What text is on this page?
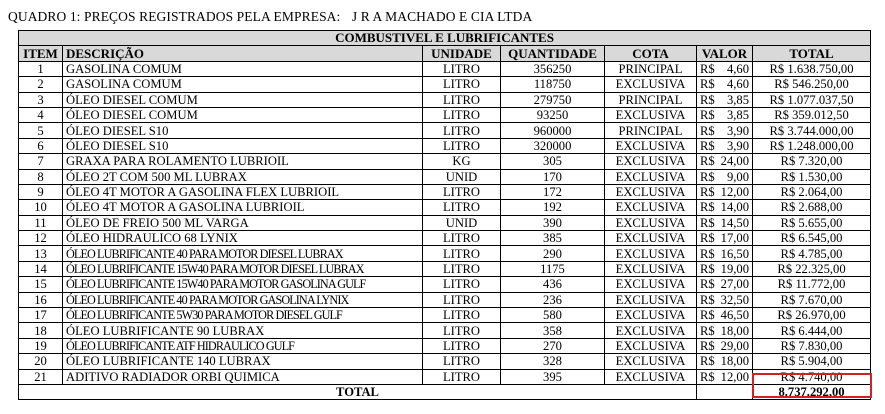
QUADRO 1: PREÇOS REGISTRADOS PELA EMPRESA: J R A MACHADO E CIA LTDA
COMBUSTIVEL E LUBRIFICANTES						
ITEM	DESCRIÇÃO	UNIDADE	QUANTIDADE	COTA	VALOR	TOTAL
1	GASOLINA COMUM	LITRO	356250	PRINCIPAL	R$ 4,60	R$ 1.638.750,00
2	GASOLINA COMUM	LITRO	118750	EXCLUSIVA	R$ 4,60	R$ 546.250,00
3	ÓLEO DIESEL COMUM	LITRO	279750	PRINCIPAL	R$ 3,85	R$ 1.077.037,50
4	ÓLEO DIESEL COMUM	LITRO	93250	EXCLUSIVA	R$ 3,85	R$ 359.012,50
5	ÓLEO DIESEL S10	LITRO	960000	PRINCIPAL	R$ 3,90	R$ 3.744.000,00
6	ÓLEO DIESEL S10	LITRO	320000	EXCLUSIVA	R$ 3,90	R$ 1.248.000,00
7	GRAXA PARA ROLAMENTO LUBRIOIL	KG	305	EXCLUSIVA	R$ 24,00	R$ 7.320,00
8	ÓLEO 2T COM 500 ML LUBRAX	UNID	170	EXCLUSIVA	R$ 9,00	R$ 1.530,00
9	ÓLEO 4T MOTOR A GASOLINA FLEX LUBRIOIL	LITRO	172	EXCLUSIVA	R$ 12,00	R$ 2.064,00
10	ÓLEO 4T MOTOR A GASOLINA LUBRIOIL	LITRO	192	EXCLUSIVA	R$ 14,00	R$ 2.688,00
11	ÓLEO DE FREIO 500 ML VARGA	UNID	390	EXCLUSIVA	R$ 14,50	R$ 5.655,00
12	ÓLEO HIDRAULICO 68 LYNIX	LITRO	385	EXCLUSIVA	R$ 17,00	R$ 6.545,00
13	ÓLEO LUBRIFICANTE 40 PARA MOTOR DIESEL LUBRAX	LITRO	290	EXCLUSIVA	R$ 16,50	R$ 4.785,00
14	ÓLEO LUBRIFICANTE 15W40 PARA MOTOR DIESEL LUBRAX	LITRO	1175	EXCLUSIVA	R$ 19,00	R$ 22.325,00
15	ÓLEO LUBRIFICANTE 15W40 PARA MOTOR GASOLINA GULF	LITRO	436	EXCLUSIVA	R$ 27,00	R$ 11.772,00
16	ÓLEO LUBRIFICANTE 40 PARA MOTOR GASOLINA LYNIX	LITRO	236	EXCLUSIVA	R$ 32,50	R$ 7.670,00
17	ÓLEO LUBRIFICANTE 5W30 PARA MOTOR DIESEL GULF	LITRO	580	EXCLUSIVA	R$ 46,50	R$ 26.970,00
18	ÓLEO LUBRIFICANTE 90 LUBRAX	LITRO	358	EXCLUSIVA	R$ 18,00	R$ 6.444,00
19	ÓLEO LUBRIFICANTE ATF HIDRAULICO GULF	LITRO	270	EXCLUSIVA	R$ 29,00	R$ 7.830,00
20	ÓLEO LUBRIFICANTE 140 LUBRAX	LITRO	328	EXCLUSIVA	R$ 18,00	R$ 5.904,00
21	ADITIVO RADIADOR ORBI QUIMICA	LITRO	395	EXCLUSIVA	R$ 12,00	R$ 4.740,00
TOTAL						8.737.292,00
